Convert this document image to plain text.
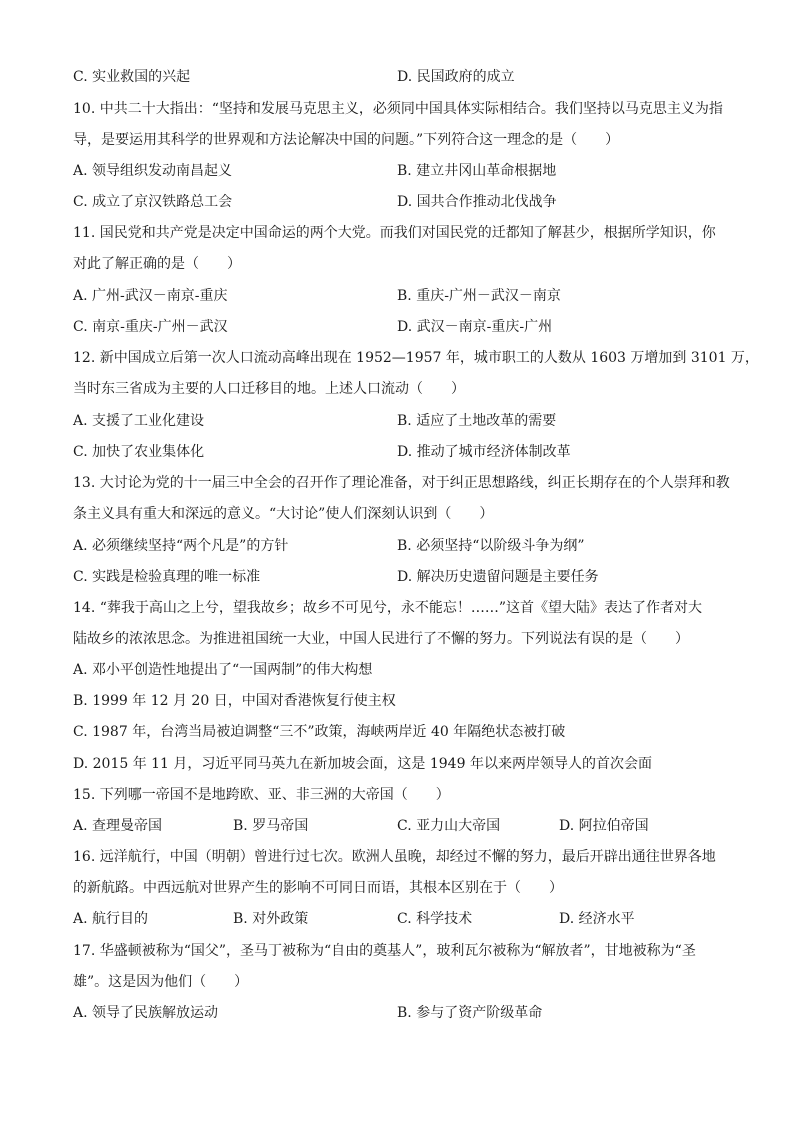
C. 实业救国的兴起	D. 民国政府的成立
10. 中共二十大指出：“坚持和发展马克思主义，必须同中国具体实际相结合。我们坚持以马克思主义为指
导，是要运用其科学的世界观和方法论解决中国的问题。”下列符合这一理念的是（　　）
A. 领导组织发动南昌起义	B. 建立井冈山革命根据地
C. 成立了京汉铁路总工会	D. 国共合作推动北伐战争
11. 国民党和共产党是决定中国命运的两个大党。而我们对国民党的迁都知了解甚少，根据所学知识，你
对此了解正确的是（　　）
A. 广州-武汉－南京-重庆	B. 重庆-广州－武汉－南京
C. 南京-重庆-广州－武汉	D. 武汉－南京-重庆-广州
12. 新中国成立后第一次人口流动高峰出现在 1952—1957 年，城市职工的人数从 1603 万增加到 3101 万，
当时东三省成为主要的人口迁移目的地。上述人口流动（　　）
A. 支援了工业化建设	B. 适应了土地改革的需要
C. 加快了农业集体化	D. 推动了城市经济体制改革
13. 大讨论为党的十一届三中全会的召开作了理论准备，对于纠正思想路线，纠正长期存在的个人崇拜和教
条主义具有重大和深远的意义。“大讨论”使人们深刻认识到（　　）
A. 必须继续坚持“两个凡是”的方针	B. 必须坚持“以阶级斗争为纲”
C. 实践是检验真理的唯一标准	D. 解决历史遗留问题是主要任务
14. “葬我于高山之上兮，望我故乡；故乡不可见兮，永不能忘！……”这首《望大陆》表达了作者对大
陆故乡的浓浓思念。为推进祖国统一大业，中国人民进行了不懈的努力。下列说法有误的是（　　）
A. 邓小平创造性地提出了“一国两制”的伟大构想
B. 1999 年 12 月 20 日，中国对香港恢复行使主权
C. 1987 年，台湾当局被迫调整“三不”政策，海峡两岸近 40 年隔绝状态被打破
D. 2015 年 11 月，习近平同马英九在新加坡会面，这是 1949 年以来两岸领导人的首次会面
15. 下列哪一帝国不是地跨欧、亚、非三洲的大帝国（　　）
A. 查理曼帝国	B. 罗马帝国	C. 亚力山大帝国	D. 阿拉伯帝国
16. 远洋航行，中国（明朝）曾进行过七次。欧洲人虽晚，却经过不懈的努力，最后开辟出通往世界各地
的新航路。中西远航对世界产生的影响不可同日而语，其根本区别在于（　　）
A. 航行目的	B. 对外政策	C. 科学技术	D. 经济水平
17. 华盛顿被称为“国父”，圣马丁被称为“自由的奠基人”，玻利瓦尔被称为“解放者”，甘地被称为“圣
雄”。这是因为他们（　　）
A. 领导了民族解放运动	B. 参与了资产阶级革命
